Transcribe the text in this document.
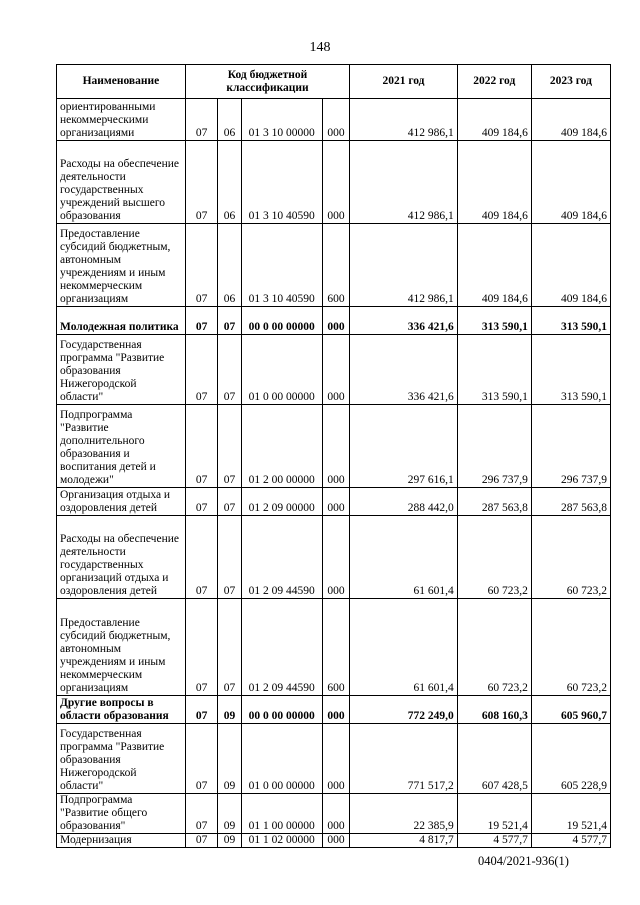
148
Наименование	Код бюджетной классификации				2021 год	2022 год	2023 год
ориентированными некоммерческими организациями	07	06	01 3 10 00000	000	412 986,1	409 184,6	409 184,6
Расходы на обеспечение деятельности государственных учреждений высшего образования	07	06	01 3 10 40590	000	412 986,1	409 184,6	409 184,6
Предоставление субсидий бюджетным, автономным учреждениям и иным некоммерческим организациям	07	06	01 3 10 40590	600	412 986,1	409 184,6	409 184,6
Молодежная политика	07	07	00 0 00 00000	000	336 421,6	313 590,1	313 590,1
Государственная программа "Развитие образования Нижегородской области"	07	07	01 0 00 00000	000	336 421,6	313 590,1	313 590,1
Подпрограмма "Развитие дополнительного образования и воспитания детей и молодежи"	07	07	01 2 00 00000	000	297 616,1	296 737,9	296 737,9
Организация отдыха и оздоровления детей	07	07	01 2 09 00000	000	288 442,0	287 563,8	287 563,8
Расходы на обеспечение деятельности государственных организаций отдыха и оздоровления детей	07	07	01 2 09 44590	000	61 601,4	60 723,2	60 723,2
Предоставление субсидий бюджетным, автономным учреждениям и иным некоммерческим организациям	07	07	01 2 09 44590	600	61 601,4	60 723,2	60 723,2
Другие вопросы в области образования	07	09	00 0 00 00000	000	772 249,0	608 160,3	605 960,7
Государственная программа "Развитие образования Нижегородской области"	07	09	01 0 00 00000	000	771 517,2	607 428,5	605 228,9
Подпрограмма "Развитие общего образования"	07	09	01 1 00 00000	000	22 385,9	19 521,4	19 521,4
Модернизация	07	09	01 1 02 00000	000	4 817,7	4 577,7	4 577,7
0404/2021-936(1)
